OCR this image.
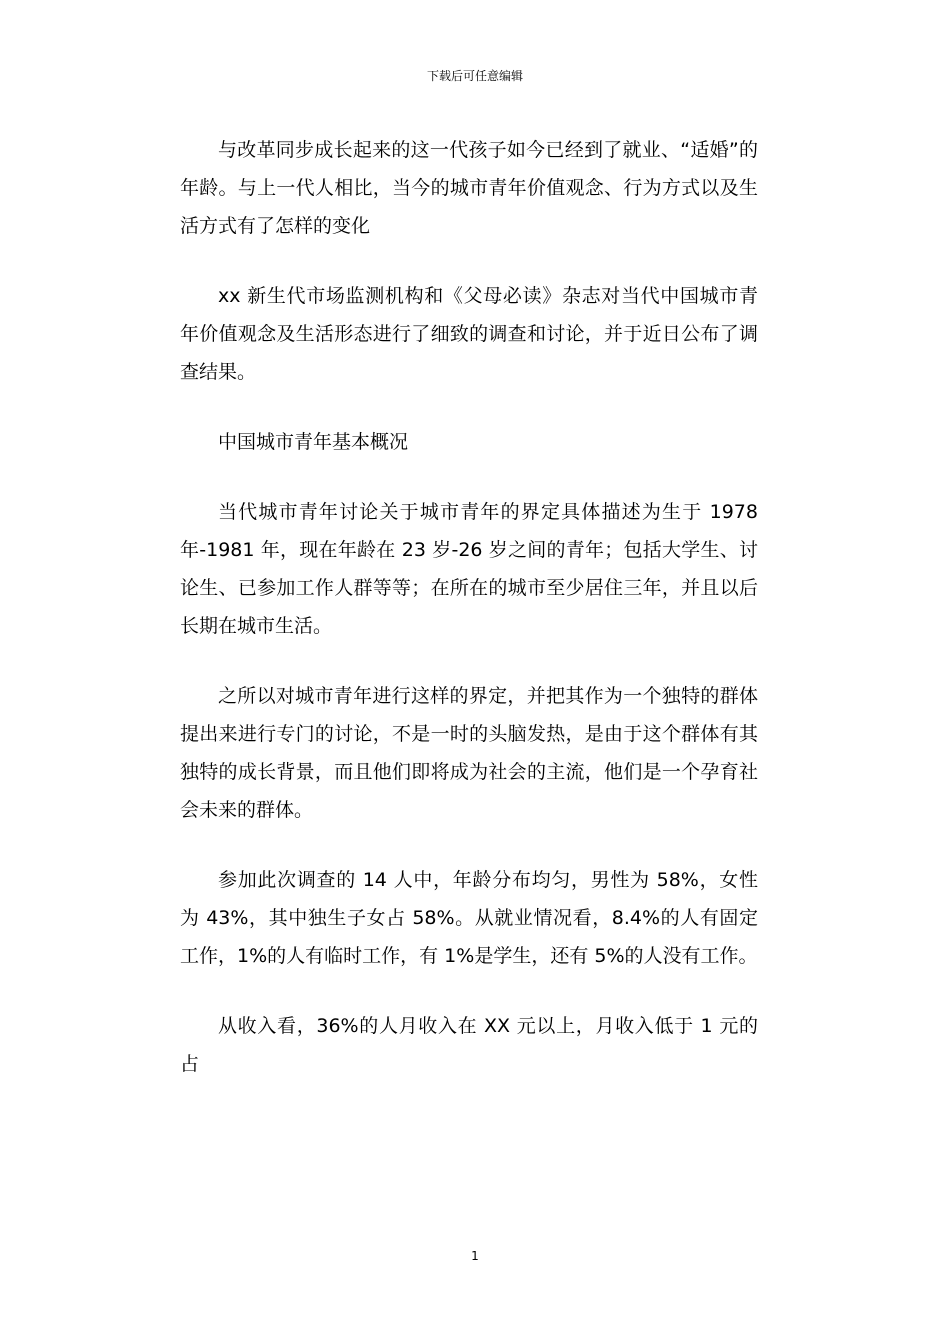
下载后可任意编辑

与改革同步成长起来的这一代孩子如今已经到了就业、“适婚”的年龄。与上一代人相比，当今的城市青年价值观念、行为方式以及生活方式有了怎样的变化

xx 新生代市场监测机构和《父母必读》杂志对当代中国城市青年价值观念及生活形态进行了细致的调查和讨论，并于近日公布了调查结果。

中国城市青年基本概况

当代城市青年讨论关于城市青年的界定具体描述为生于 1978 年-1981 年，现在年龄在 23 岁-26 岁之间的青年；包括大学生、讨论生、已参加工作人群等等；在所在的城市至少居住三年，并且以后长期在城市生活。

之所以对城市青年进行这样的界定，并把其作为一个独特的群体提出来进行专门的讨论，不是一时的头脑发热，是由于这个群体有其独特的成长背景，而且他们即将成为社会的主流，他们是一个孕育社会未来的群体。

参加此次调查的 14 人中，年龄分布均匀，男性为 58%，女性为 43%，其中独生子女占 58%。从就业情况看，8.4%的人有固定工作，1%的人有临时工作，有 1%是学生，还有 5%的人没有工作。

从收入看，36%的人月收入在 XX 元以上，月收入低于 1 元的占

1
